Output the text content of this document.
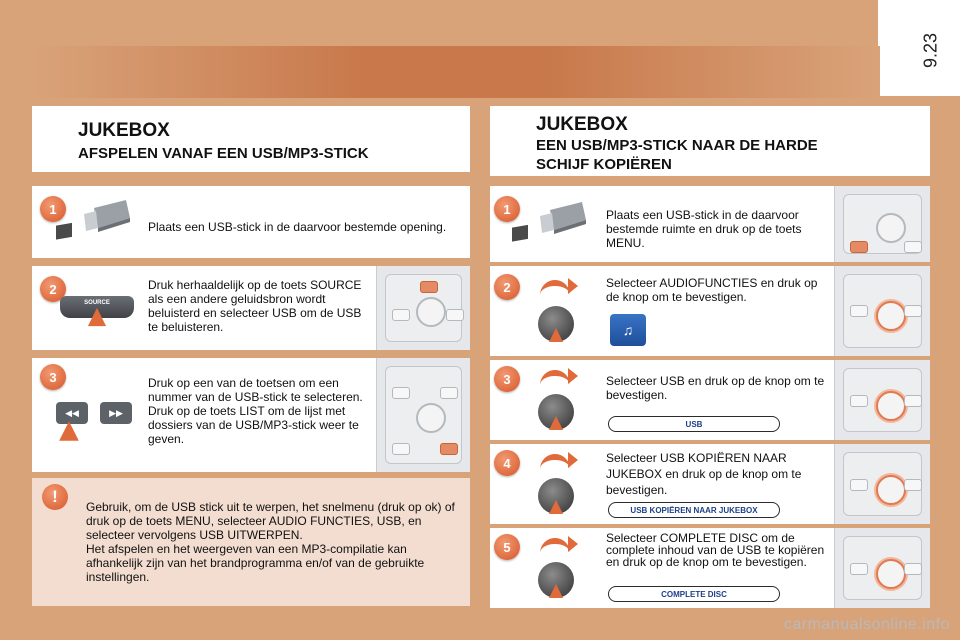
9.23
JUKEBOX
AFSPELEN VANAF EEN USB/MP3-STICK
1
Plaats een USB-stick in de daarvoor bestemde opening.
2
SOURCE
Druk herhaaldelijk op de toets SOURCE als een andere geluidsbron wordt beluisterd en selecteer USB om de USB te beluisteren.
3
◀◀	▶▶
Druk op een van de toetsen om een nummer van de USB-stick te selecteren.
Druk op de toets LIST om de lijst met dossiers van de USB/MP3-stick weer te geven.
!
Gebruik, om de USB stick uit te werpen, het snelmenu (druk op ok) of druk op de toets MENU, selecteer AUDIO FUNCTIES, USB, en selecteer vervolgens USB UITWERPEN.
Het afspelen en het weergeven van een MP3-compilatie kan afhankelijk zijn van het brandprogramma en/of van de gebruikte instellingen.
JUKEBOX
EEN USB/MP3-STICK NAAR DE HARDE SCHIJF KOPIËREN
1	Plaats een USB-stick in de daarvoor bestemde ruimte en druk op de toets MENU.
2
♫
Selecteer AUDIOFUNCTIES en druk op de knop om te bevestigen.
3	Selecteer USB en druk op de knop om te bevestigen.
USB
4	Selecteer USB KOPIËREN NAAR JUKEBOX en druk op de knop om te bevestigen.
USB KOPIËREN NAAR JUKEBOX
5
Selecteer COMPLETE DISC om de complete inhoud van de USB te kopiëren en druk op de knop om te bevestigen.
COMPLETE DISC
carmanualsonline.info
